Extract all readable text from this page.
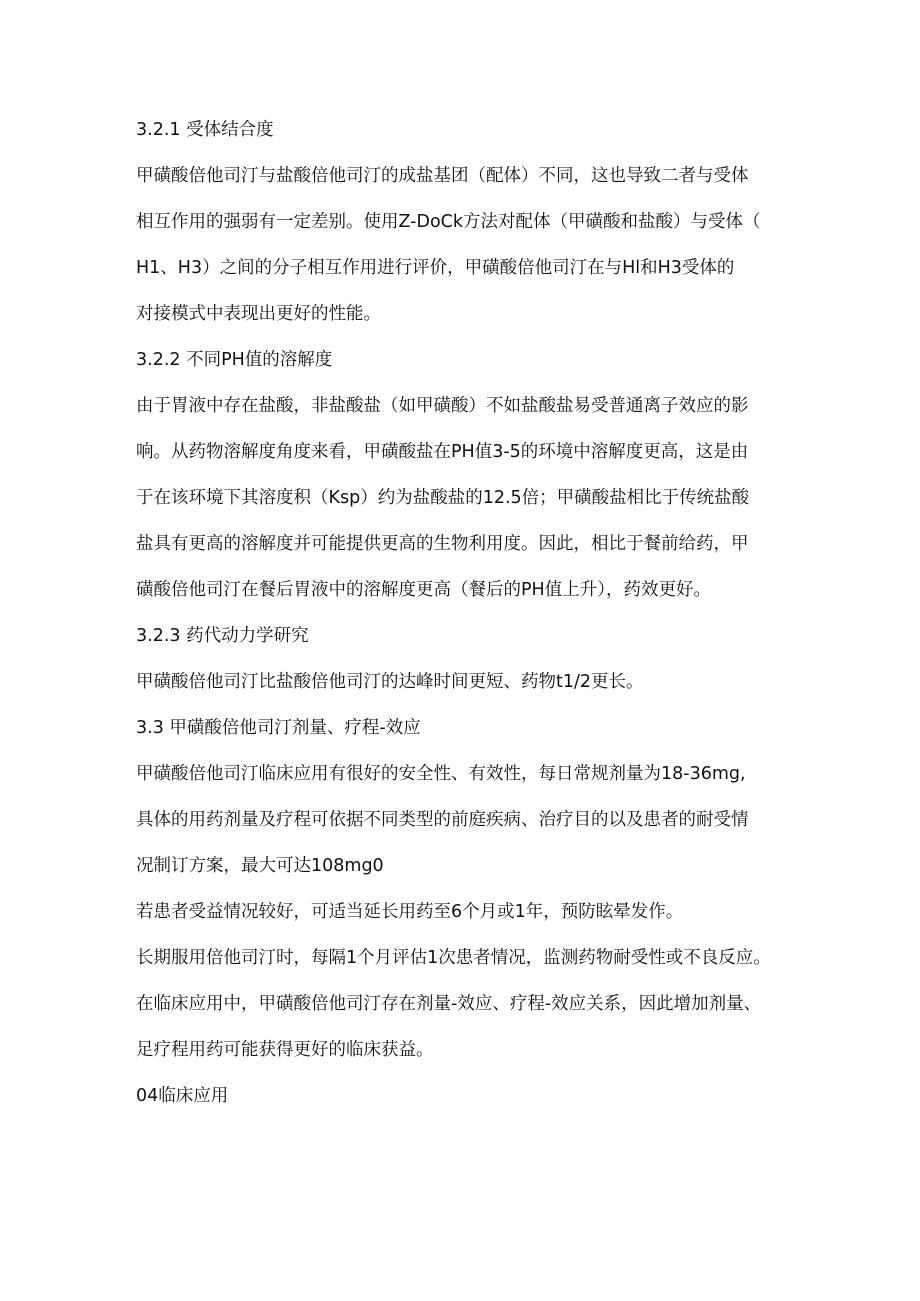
3.2.1 受体结合度
甲磺酸倍他司汀与盐酸倍他司汀的成盐基团（配体）不同，这也导致二者与受体
相互作用的强弱有一定差别。使用Z-DoCk方法对配体（甲磺酸和盐酸）与受体（
H1、H3）之间的分子相互作用进行评价，甲磺酸倍他司汀在与Hl和H3受体的
对接模式中表现出更好的性能。
3.2.2 不同PH值的溶解度
由于胃液中存在盐酸，非盐酸盐（如甲磺酸）不如盐酸盐易受普通离子效应的影
响。从药物溶解度角度来看，甲磺酸盐在PH值3-5的环境中溶解度更高，这是由
于在该环境下其溶度积（Ksp）约为盐酸盐的12.5倍；甲磺酸盐相比于传统盐酸
盐具有更高的溶解度并可能提供更高的生物利用度。因此，相比于餐前给药，甲
磺酸倍他司汀在餐后胃液中的溶解度更高（餐后的PH值上升），药效更好。
3.2.3 药代动力学研究
甲磺酸倍他司汀比盐酸倍他司汀的达峰时间更短、药物t1/2更长。
3.3 甲磺酸倍他司汀剂量、疗程-效应
甲磺酸倍他司汀临床应用有很好的安全性、有效性，每日常规剂量为18-36mg,
具体的用药剂量及疗程可依据不同类型的前庭疾病、治疗目的以及患者的耐受情
况制订方案，最大可达108mg0
若患者受益情况较好，可适当延长用药至6个月或1年，预防眩晕发作。
长期服用倍他司汀时，每隔1个月评估1次患者情况，监测药物耐受性或不良反应。
在临床应用中，甲磺酸倍他司汀存在剂量-效应、疗程-效应关系，因此增加剂量、
足疗程用药可能获得更好的临床获益。
04临床应用
